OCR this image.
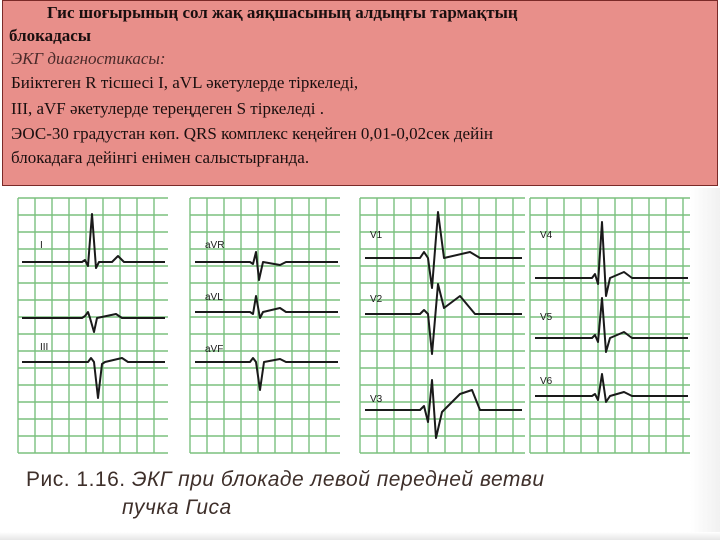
Гис шоғырының сол жақ аяқшасының алдыңғы тармақтың
блокадасы
ЭКГ диагностикасы:
Биіктеген R тісшесі I, aVL әкетулерде тіркеледі,
III, aVF әкетулерде тереңдеген S тіркеледі .
ЭОС-30 градустан көп. QRS комплекс кеңейген 0,01-0,02сек дейін
блокадаға дейінгі енімен салыстырғанда.
I	aVR
V1	V4
aVL	V2
V5
III	aVF
V3
V6
Рис. 1.16. ЭКГ при блокаде левой передней ветви
пучка Гиса
